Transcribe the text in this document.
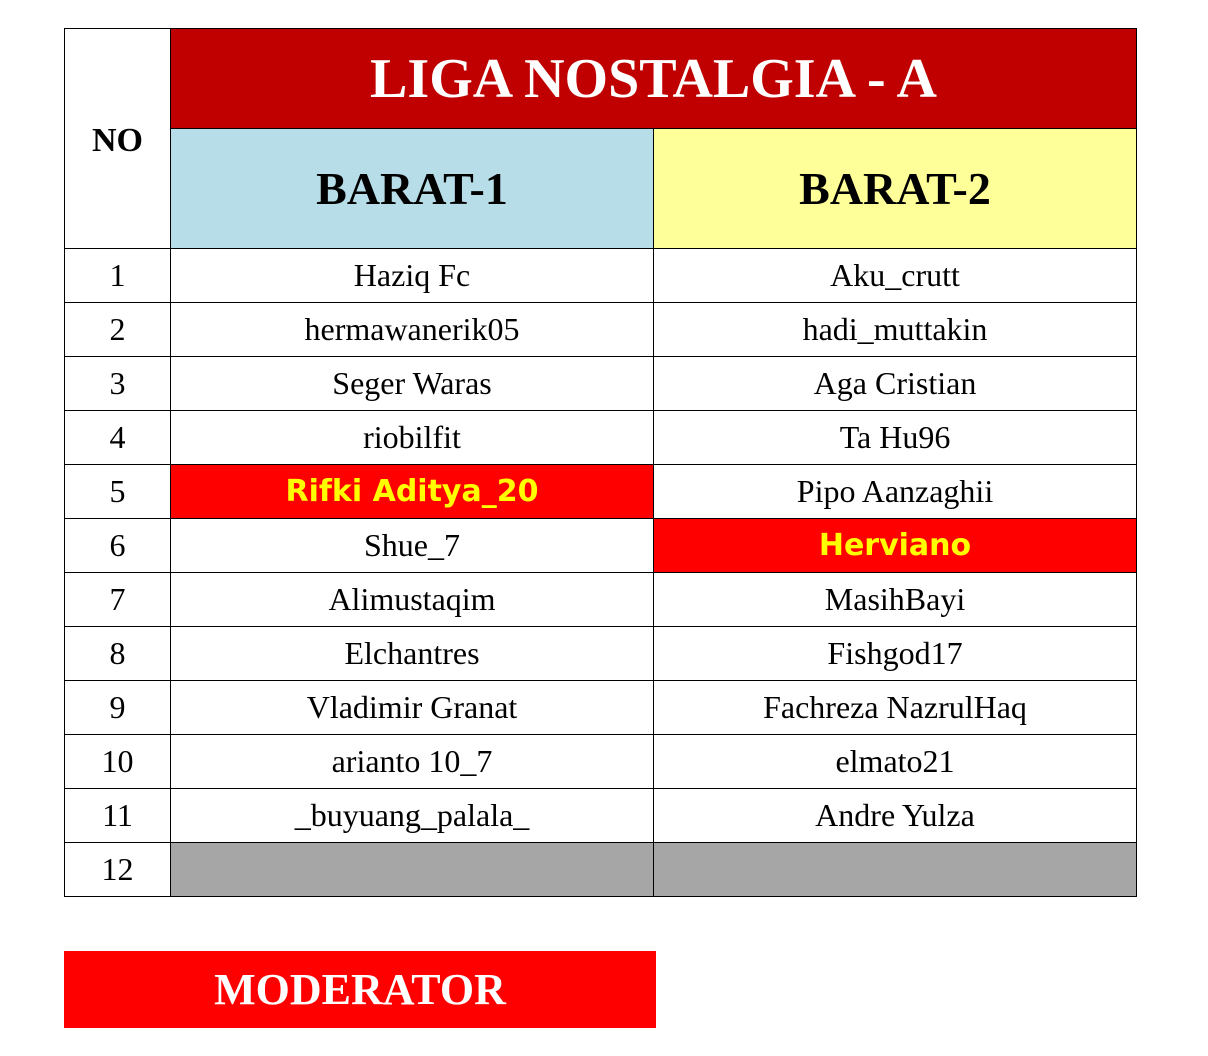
NO	LIGA NOSTALGIA - A	
	BARAT-1	BARAT-2
1	Haziq Fc	Aku_crutt
2	hermawanerik05	hadi_muttakin
3	Seger Waras	Aga Cristian
4	riobilfit	Ta Hu96
5	Rifki Aditya_20	Pipo Aanzaghii
6	Shue_7	Herviano
7	Alimustaqim	MasihBayi
8	Elchantres	Fishgod17
9	Vladimir Granat	Fachreza NazrulHaq
10	arianto 10_7	elmato21
11	_buyuang_palala_	Andre Yulza
12		
MODERATOR
